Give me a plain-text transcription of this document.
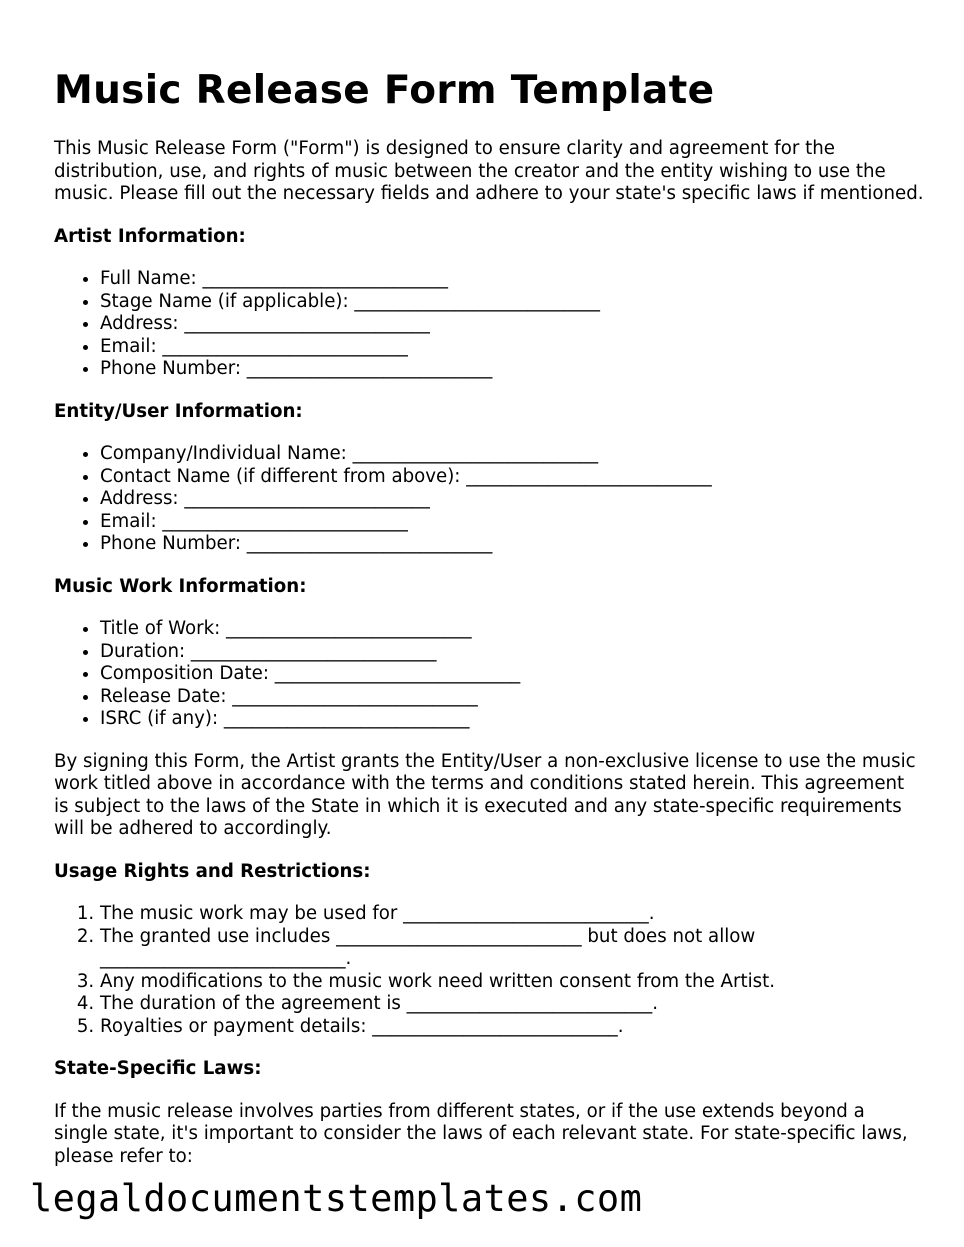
Music Release Form Template

This Music Release Form ("Form") is designed to ensure clarity and agreement for the distribution, use, and rights of music between the creator and the entity wishing to use the music. Please fill out the necessary fields and adhere to your state's specific laws if mentioned.

Artist Information:
• Full Name: ___________________________
• Stage Name (if applicable): ___________________________
• Address: ___________________________
• Email: ___________________________
• Phone Number: ___________________________
Entity/User Information:
• Company/Individual Name: ___________________________
• Contact Name (if different from above): ___________________________
• Address: ___________________________
• Email: ___________________________
• Phone Number: ___________________________
Music Work Information:
• Title of Work: ___________________________
• Duration: ___________________________
• Composition Date: ___________________________
• Release Date: ___________________________
• ISRC (if any): ___________________________

By signing this Form, the Artist grants the Entity/User a non-exclusive license to use the music work titled above in accordance with the terms and conditions stated herein. This agreement is subject to the laws of the State in which it is executed and any state-specific requirements will be adhered to accordingly.

Usage Rights and Restrictions:
1. The music work may be used for ___________________________.
2. The granted use includes ___________________________ but does not allow ___________________________.
3. Any modifications to the music work need written consent from the Artist.
4. The duration of the agreement is ___________________________.
5. Royalties or payment details: ___________________________.
State-Specific Laws:

If the music release involves parties from different states, or if the use extends beyond a single state, it's important to consider the laws of each relevant state. For state-specific laws, please refer to:

legaldocumentstemplates.com
